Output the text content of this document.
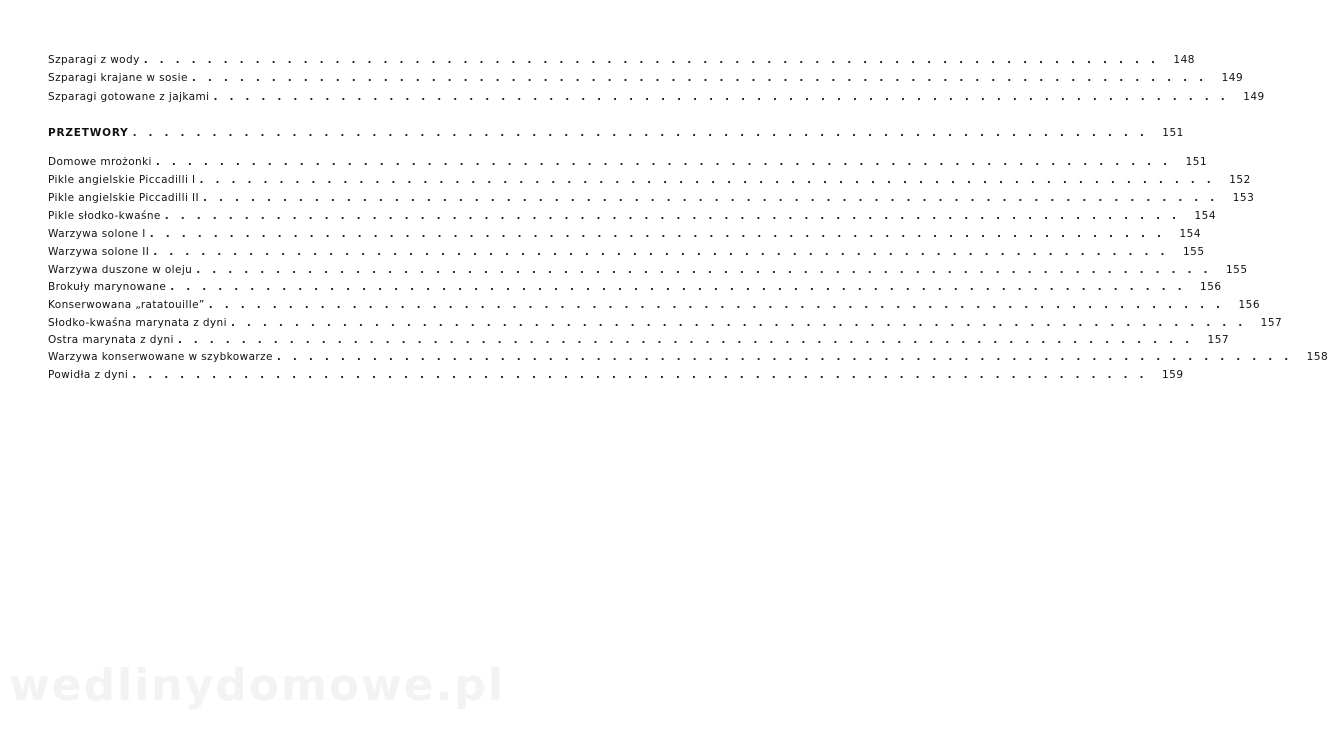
Szparagi z wody ................................................................ 148
Szparagi krajane w sosie ................................................................ 149
Szparagi gotowane z jajkami ................................................................ 149
PRZETWORY ................................................................ 151
Domowe mrożonki ................................................................ 151
Pikle angielskie Piccadilli I ................................................................ 152
Pikle angielskie Piccadilli II ................................................................ 153
Pikle słodko-kwaśne ................................................................ 154
Warzywa solone I ................................................................ 154
Warzywa solone II ................................................................ 155
Warzywa duszone w oleju ................................................................ 155
Brokuły marynowane ................................................................ 156
Konserwowana „ratatouille” ................................................................ 156
Słodko-kwaśna marynata z dyni ................................................................ 157
Ostra marynata z dyni ................................................................ 157
Warzywa konserwowane w szybkowarze ................................................................ 158
Powidła z dyni ................................................................ 159
wedlinydomowe.pl
